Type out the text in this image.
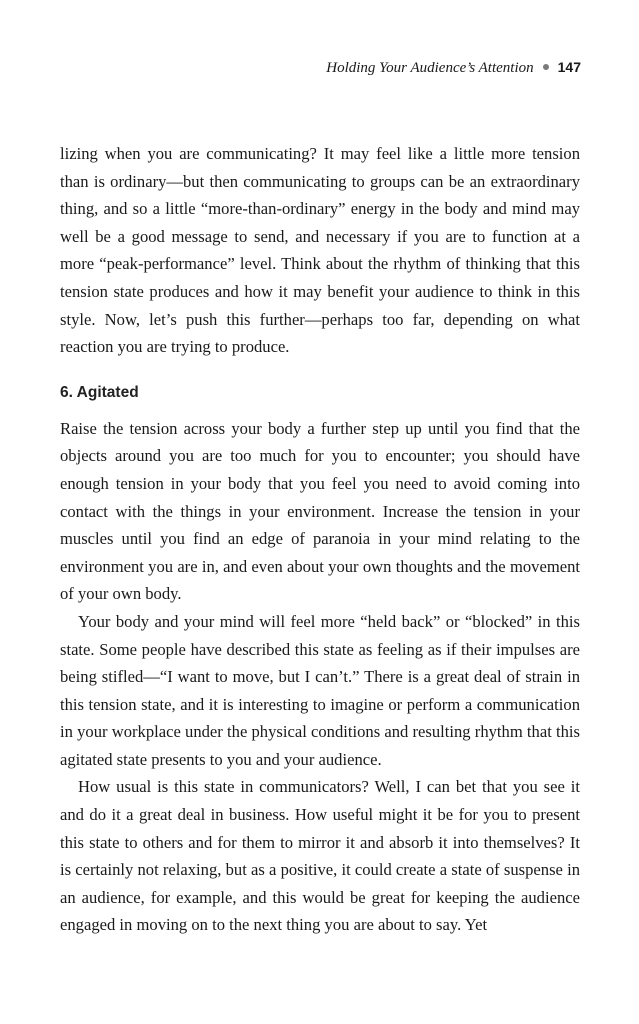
Holding Your Audience’s Attention 147

lizing when you are communicating? It may feel like a little more tension than is ordinary—but then communicating to groups can be an extraordinary thing, and so a little “more-than-ordinary” energy in the body and mind may well be a good message to send, and necessary if you are to function at a more “peak-performance” level. Think about the rhythm of thinking that this tension state produces and how it may benefit your audience to think in this style. Now, let’s push this further—perhaps too far, depending on what reaction you are trying to produce.

6. Agitated

Raise the tension across your body a further step up until you find that the objects around you are too much for you to encounter; you should have enough tension in your body that you feel you need to avoid coming into contact with the things in your environment. Increase the tension in your muscles until you find an edge of paranoia in your mind relating to the environment you are in, and even about your own thoughts and the movement of your own body.

Your body and your mind will feel more “held back” or “blocked” in this state. Some people have described this state as feeling as if their impulses are being stifled—“I want to move, but I can’t.” There is a great deal of strain in this tension state, and it is interesting to imagine or perform a communication in your workplace under the physical conditions and resulting rhythm that this agitated state presents to you and your audience.

How usual is this state in communicators? Well, I can bet that you see it and do it a great deal in business. How useful might it be for you to present this state to others and for them to mirror it and absorb it into themselves? It is certainly not relaxing, but as a positive, it could create a state of suspense in an audience, for example, and this would be great for keeping the audience engaged in moving on to the next thing you are about to say. Yet
